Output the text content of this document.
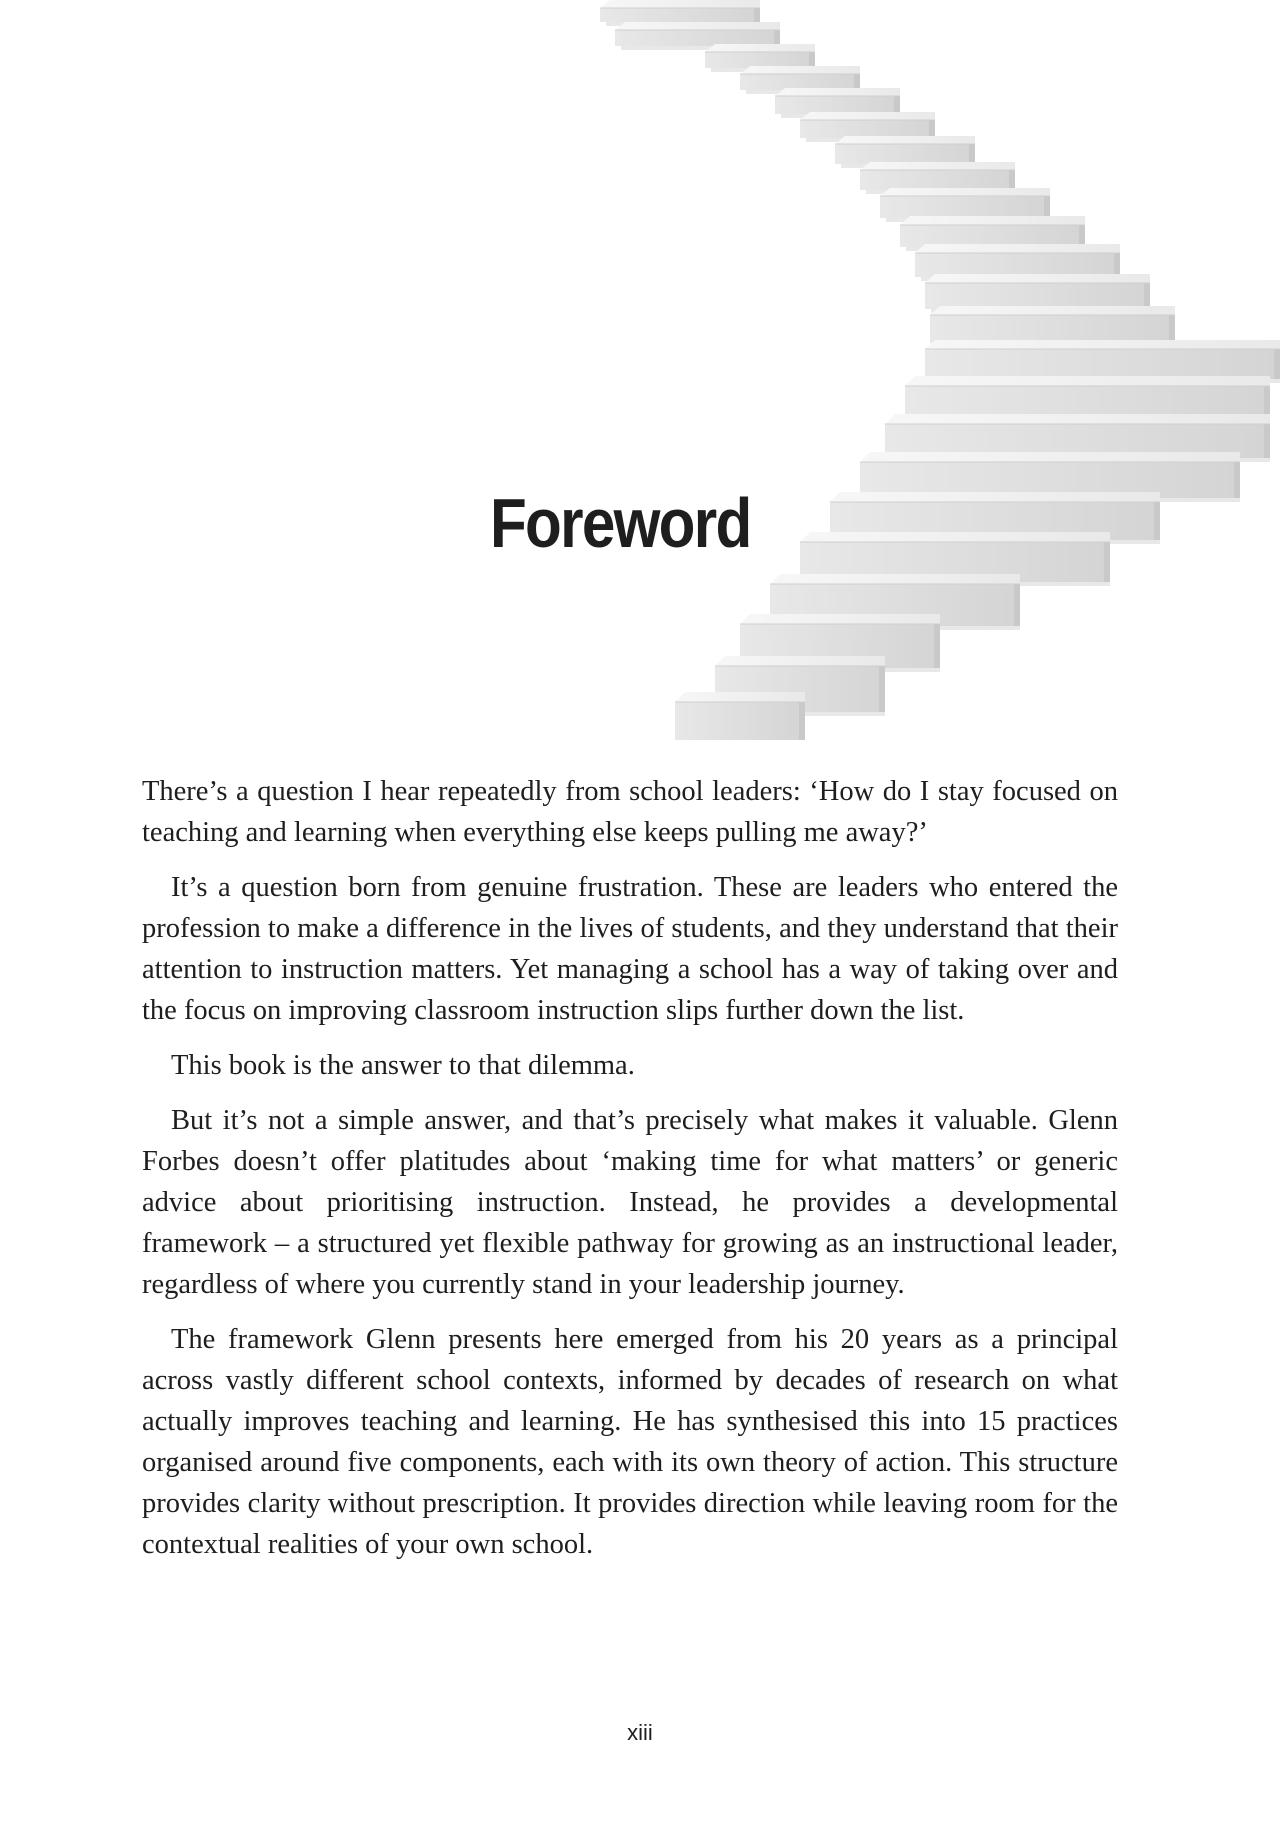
Foreword

There’s a question I hear repeatedly from school leaders: ‘How do I stay focused on teaching and learning when everything else keeps pulling me away?’

It’s a question born from genuine frustration. These are leaders who entered the profession to make a difference in the lives of students, and they understand that their attention to instruction matters. Yet managing a school has a way of taking over and the focus on improving classroom instruction slips further down the list.

This book is the answer to that dilemma.

But it’s not a simple answer, and that’s precisely what makes it valuable. Glenn Forbes doesn’t offer platitudes about ‘making time for what matters’ or generic advice about prioritising instruction. Instead, he provides a developmental framework – a structured yet flexible pathway for growing as an instructional leader, regardless of where you currently stand in your leadership journey.

The framework Glenn presents here emerged from his 20 years as a principal across vastly different school contexts, informed by decades of research on what actually improves teaching and learning. He has synthesised this into 15 practices organised around five components, each with its own theory of action. This structure provides clarity without prescription. It provides direction while leaving room for the contextual realities of your own school.

xiii
